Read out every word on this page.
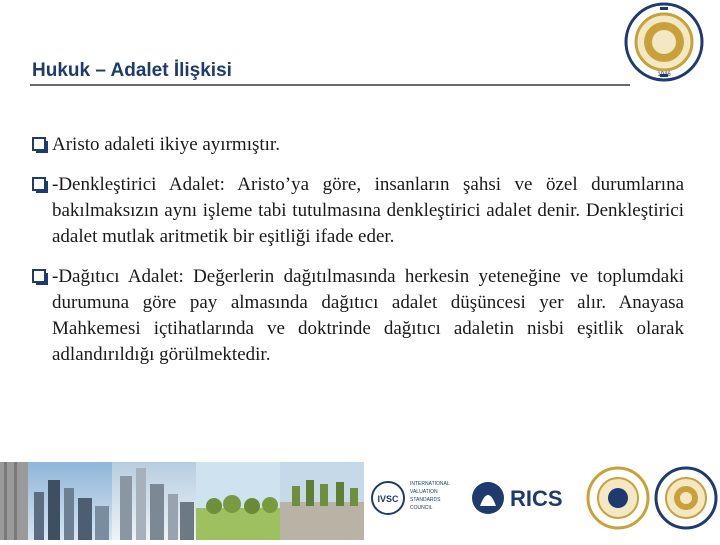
Hukuk – Adalet İlişkisi	1946
Aristo adaleti ikiye ayırmıştır.
-Denkleştirici Adalet: Aristo’ya göre, insanların şahsi ve özel durumlarına bakılmaksızın aynı işleme tabi tutulmasına denkleştirici adalet denir. Denkleştirici adalet mutlak aritmetik bir eşitliği ifade eder.
-Dağıtıcı Adalet: Değerlerin dağıtılmasında herkesin yeteneğine ve toplumdaki durumuna göre pay almasında dağıtıcı adalet düşüncesi yer alır. Anayasa Mahkemesi içtihatlarında ve doktrinde dağıtıcı adaletin nisbi eşitlik olarak adlandırıldığı görülmektedir.
IVSC
INTERNATIONAL
VALUATION
STANDARDS
COUNCIL	RICS
